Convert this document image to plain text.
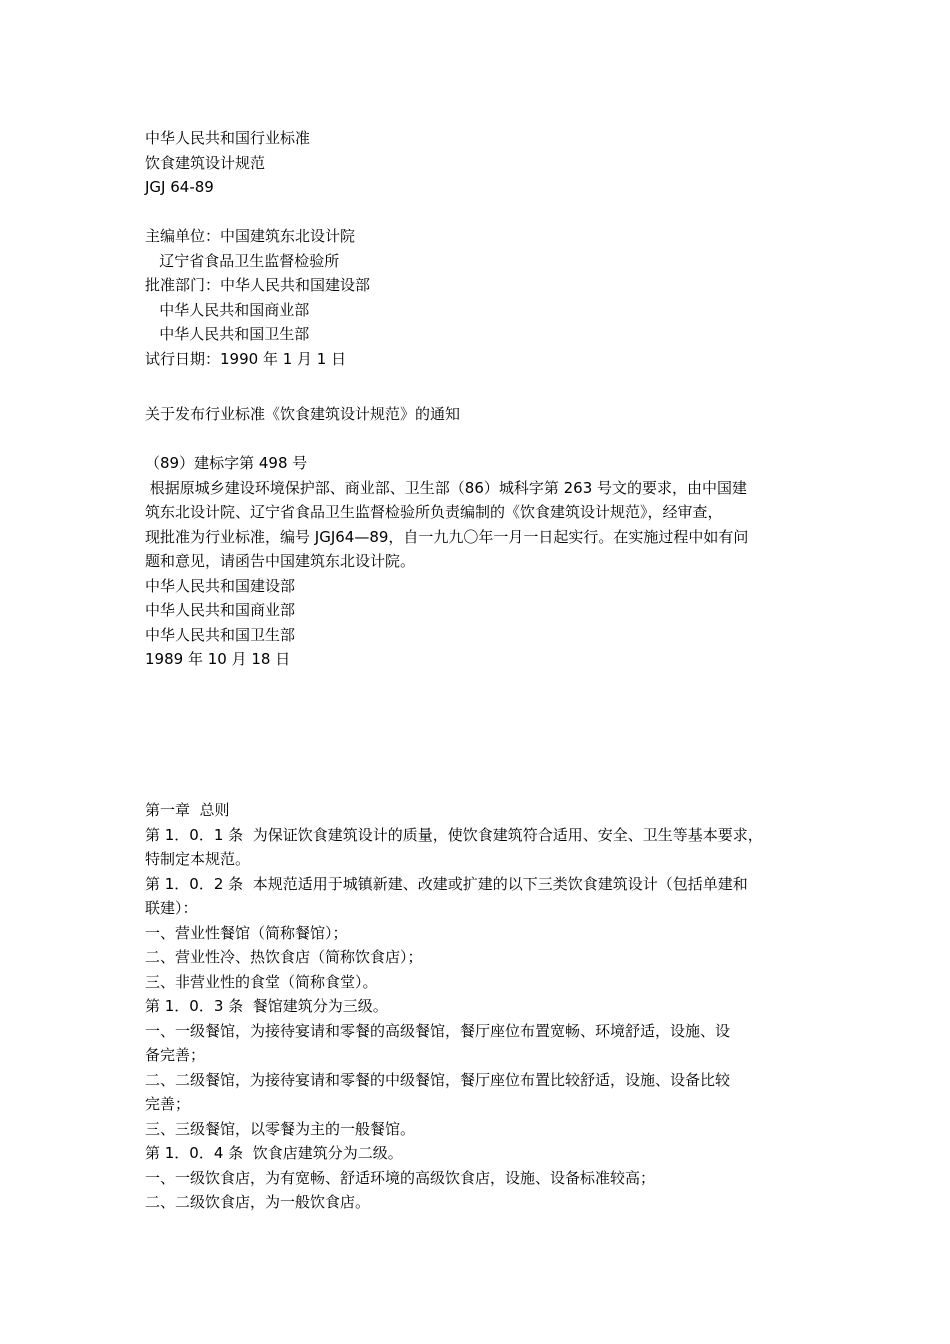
中华人民共和国行业标准
饮食建筑设计规范
JGJ 64-89
主编单位：中国建筑东北设计院
辽宁省食品卫生监督检验所
批准部门：中华人民共和国建设部
中华人民共和国商业部
中华人民共和国卫生部
试行日期：1990 年 1 月 1 日
关于发布行业标准《饮食建筑设计规范》的通知
（89）建标字第 498 号
根据原城乡建设环境保护部、商业部、卫生部（86）城科字第 263 号文的要求，由中国建
筑东北设计院、辽宁省食品卫生监督检验所负责编制的《饮食建筑设计规范》，经审查，
现批准为行业标准，编号 JGJ64—89，自一九九〇年一月一日起实行。在实施过程中如有问
题和意见，请函告中国建筑东北设计院。
中华人民共和国建设部
中华人民共和国商业部
中华人民共和国卫生部
1989 年 10 月 18 日
第一章  总则
第 1．0．1 条  为保证饮食建筑设计的质量，使饮食建筑符合适用、安全、卫生等基本要求，
特制定本规范。
第 1．0．2 条  本规范适用于城镇新建、改建或扩建的以下三类饮食建筑设计（包括单建和
联建）：
一、营业性餐馆（简称餐馆）；
二、营业性冷、热饮食店（简称饮食店）；
三、非营业性的食堂（简称食堂）。
第 1．0．3 条  餐馆建筑分为三级。
一、一级餐馆，为接待宴请和零餐的高级餐馆，餐厅座位布置宽畅、环境舒适，设施、设
备完善；
二、二级餐馆，为接待宴请和零餐的中级餐馆，餐厅座位布置比较舒适，设施、设备比较
完善；
三、三级餐馆，以零餐为主的一般餐馆。
第 1．0．4 条  饮食店建筑分为二级。
一、一级饮食店，为有宽畅、舒适环境的高级饮食店，设施、设备标准较高；
二、二级饮食店，为一般饮食店。
